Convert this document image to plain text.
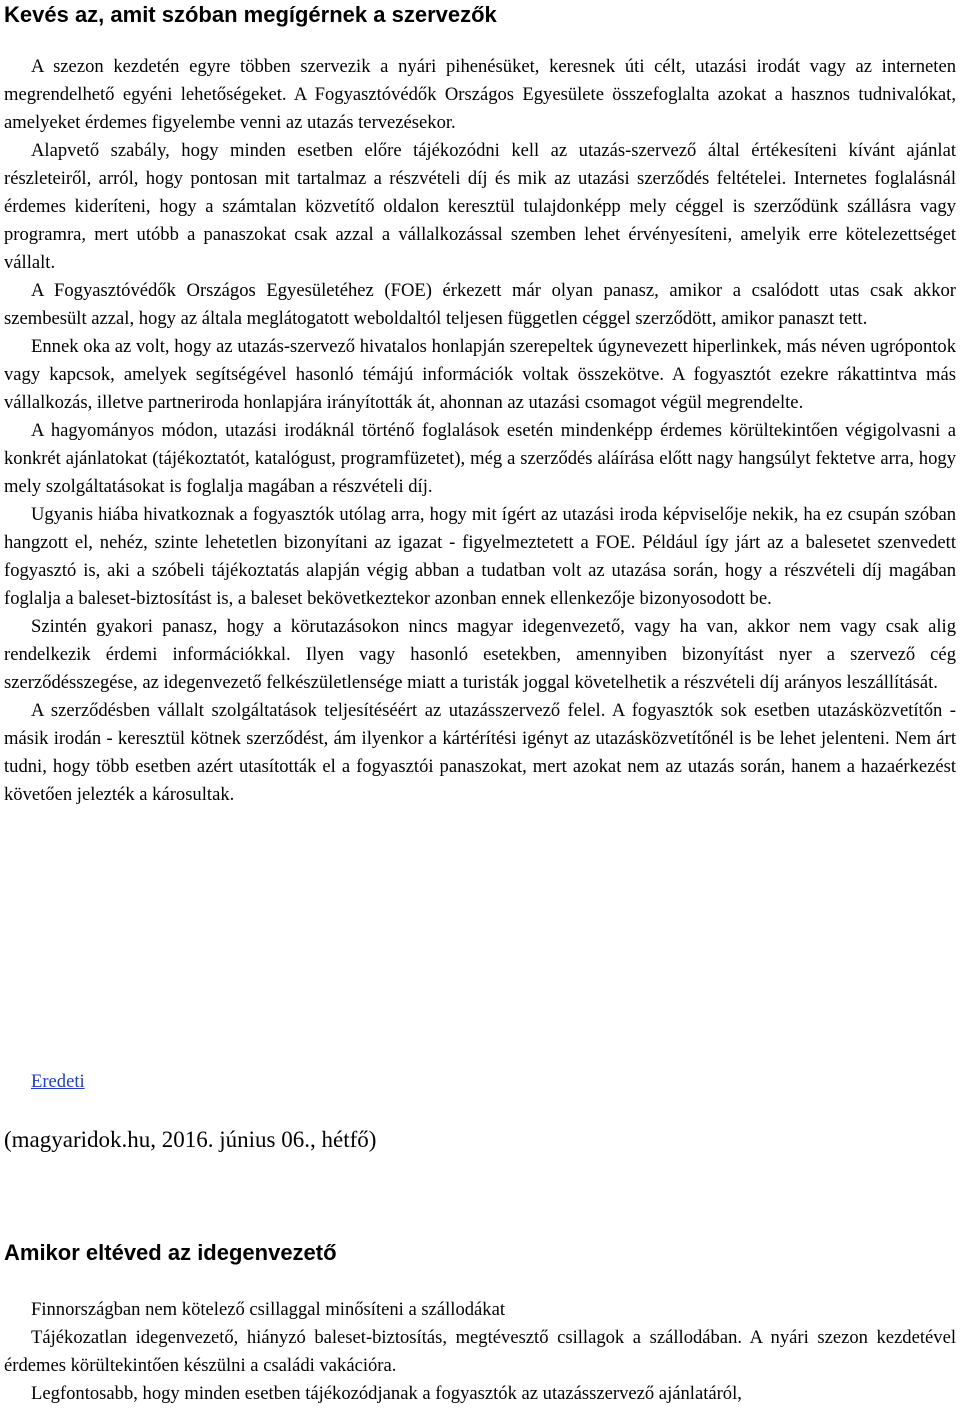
Kevés az, amit szóban megígérnek a szervezők

A szezon kezdetén egyre többen szervezik a nyári pihenésüket, keresnek úti célt, utazási irodát vagy az interneten megrendelhető egyéni lehetőségeket. A Fogyasztóvédők Országos Egyesülete összefoglalta azokat a hasznos tudnivalókat, amelyeket érdemes figyelembe venni az utazás tervezésekor.

Alapvető szabály, hogy minden esetben előre tájékozódni kell az utazás-szervező által értékesíteni kívánt ajánlat részleteiről, arról, hogy pontosan mit tartalmaz a részvételi díj és mik az utazási szerződés feltételei. Internetes foglalásnál érdemes kideríteni, hogy a számtalan közvetítő oldalon keresztül tulajdonképp mely céggel is szerződünk szállásra vagy programra, mert utóbb a panaszokat csak azzal a vállalkozással szemben lehet érvényesíteni, amelyik erre kötelezettséget vállalt.

A Fogyasztóvédők Országos Egyesületéhez (FOE) érkezett már olyan panasz, amikor a csalódott utas csak akkor szembesült azzal, hogy az általa meglátogatott weboldaltól teljesen független céggel szerződött, amikor panaszt tett.

Ennek oka az volt, hogy az utazás-szervező hivatalos honlapján szerepeltek úgynevezett hiperlinkek, más néven ugrópontok vagy kapcsok, amelyek segítségével hasonló témájú információk voltak összekötve. A fogyasztót ezekre rákattintva más vállalkozás, illetve partneriroda honlapjára irányították át, ahonnan az utazási csomagot végül megrendelte.

A hagyományos módon, utazási irodáknál történő foglalások esetén mindenképp érdemes körültekintően végigolvasni a konkrét ajánlatokat (tájékoztatót, katalógust, programfüzetet), még a szerződés aláírása előtt nagy hangsúlyt fektetve arra, hogy mely szolgáltatásokat is foglalja magában a részvételi díj.

Ugyanis hiába hivatkoznak a fogyasztók utólag arra, hogy mit ígért az utazási iroda képviselője nekik, ha ez csupán szóban hangzott el, nehéz, szinte lehetetlen bizonyítani az igazat - figyelmeztetett a FOE. Például így járt az a balesetet szenvedett fogyasztó is, aki a szóbeli tájékoztatás alapján végig abban a tudatban volt az utazása során, hogy a részvételi díj magában foglalja a baleset-biztosítást is, a baleset bekövetkeztekor azonban ennek ellenkezője bizonyosodott be.

Szintén gyakori panasz, hogy a körutazásokon nincs magyar idegenvezető, vagy ha van, akkor nem vagy csak alig rendelkezik érdemi információkkal. Ilyen vagy hasonló esetekben, amennyiben bizonyítást nyer a szervező cég szerződésszegése, az idegenvezető felkészületlensége miatt a turisták joggal követelhetik a részvételi díj arányos leszállítását.

A szerződésben vállalt szolgáltatások teljesítéséért az utazásszervező felel. A fogyasztók sok esetben utazásközvetítőn - másik irodán - keresztül kötnek szerződést, ám ilyenkor a kártérítési igényt az utazásközvetítőnél is be lehet jelenteni. Nem árt tudni, hogy több esetben azért utasították el a fogyasztói panaszokat, mert azokat nem az utazás során, hanem a hazaérkezést követően jelezték a károsultak.

Eredeti
(magyaridok.hu, 2016. június 06., hétfő)
Amikor eltéved az idegenvezető

Finnországban nem kötelező csillaggal minősíteni a szállodákat

Tájékozatlan idegenvezető, hiányzó baleset-biztosítás, megtévesztő csillagok a szállodában. A nyári szezon kezdetével érdemes körültekintően készülni a családi vakációra.

Legfontosabb, hogy minden esetben tájékozódjanak a fogyasztók az utazásszervező ajánlatáról,
